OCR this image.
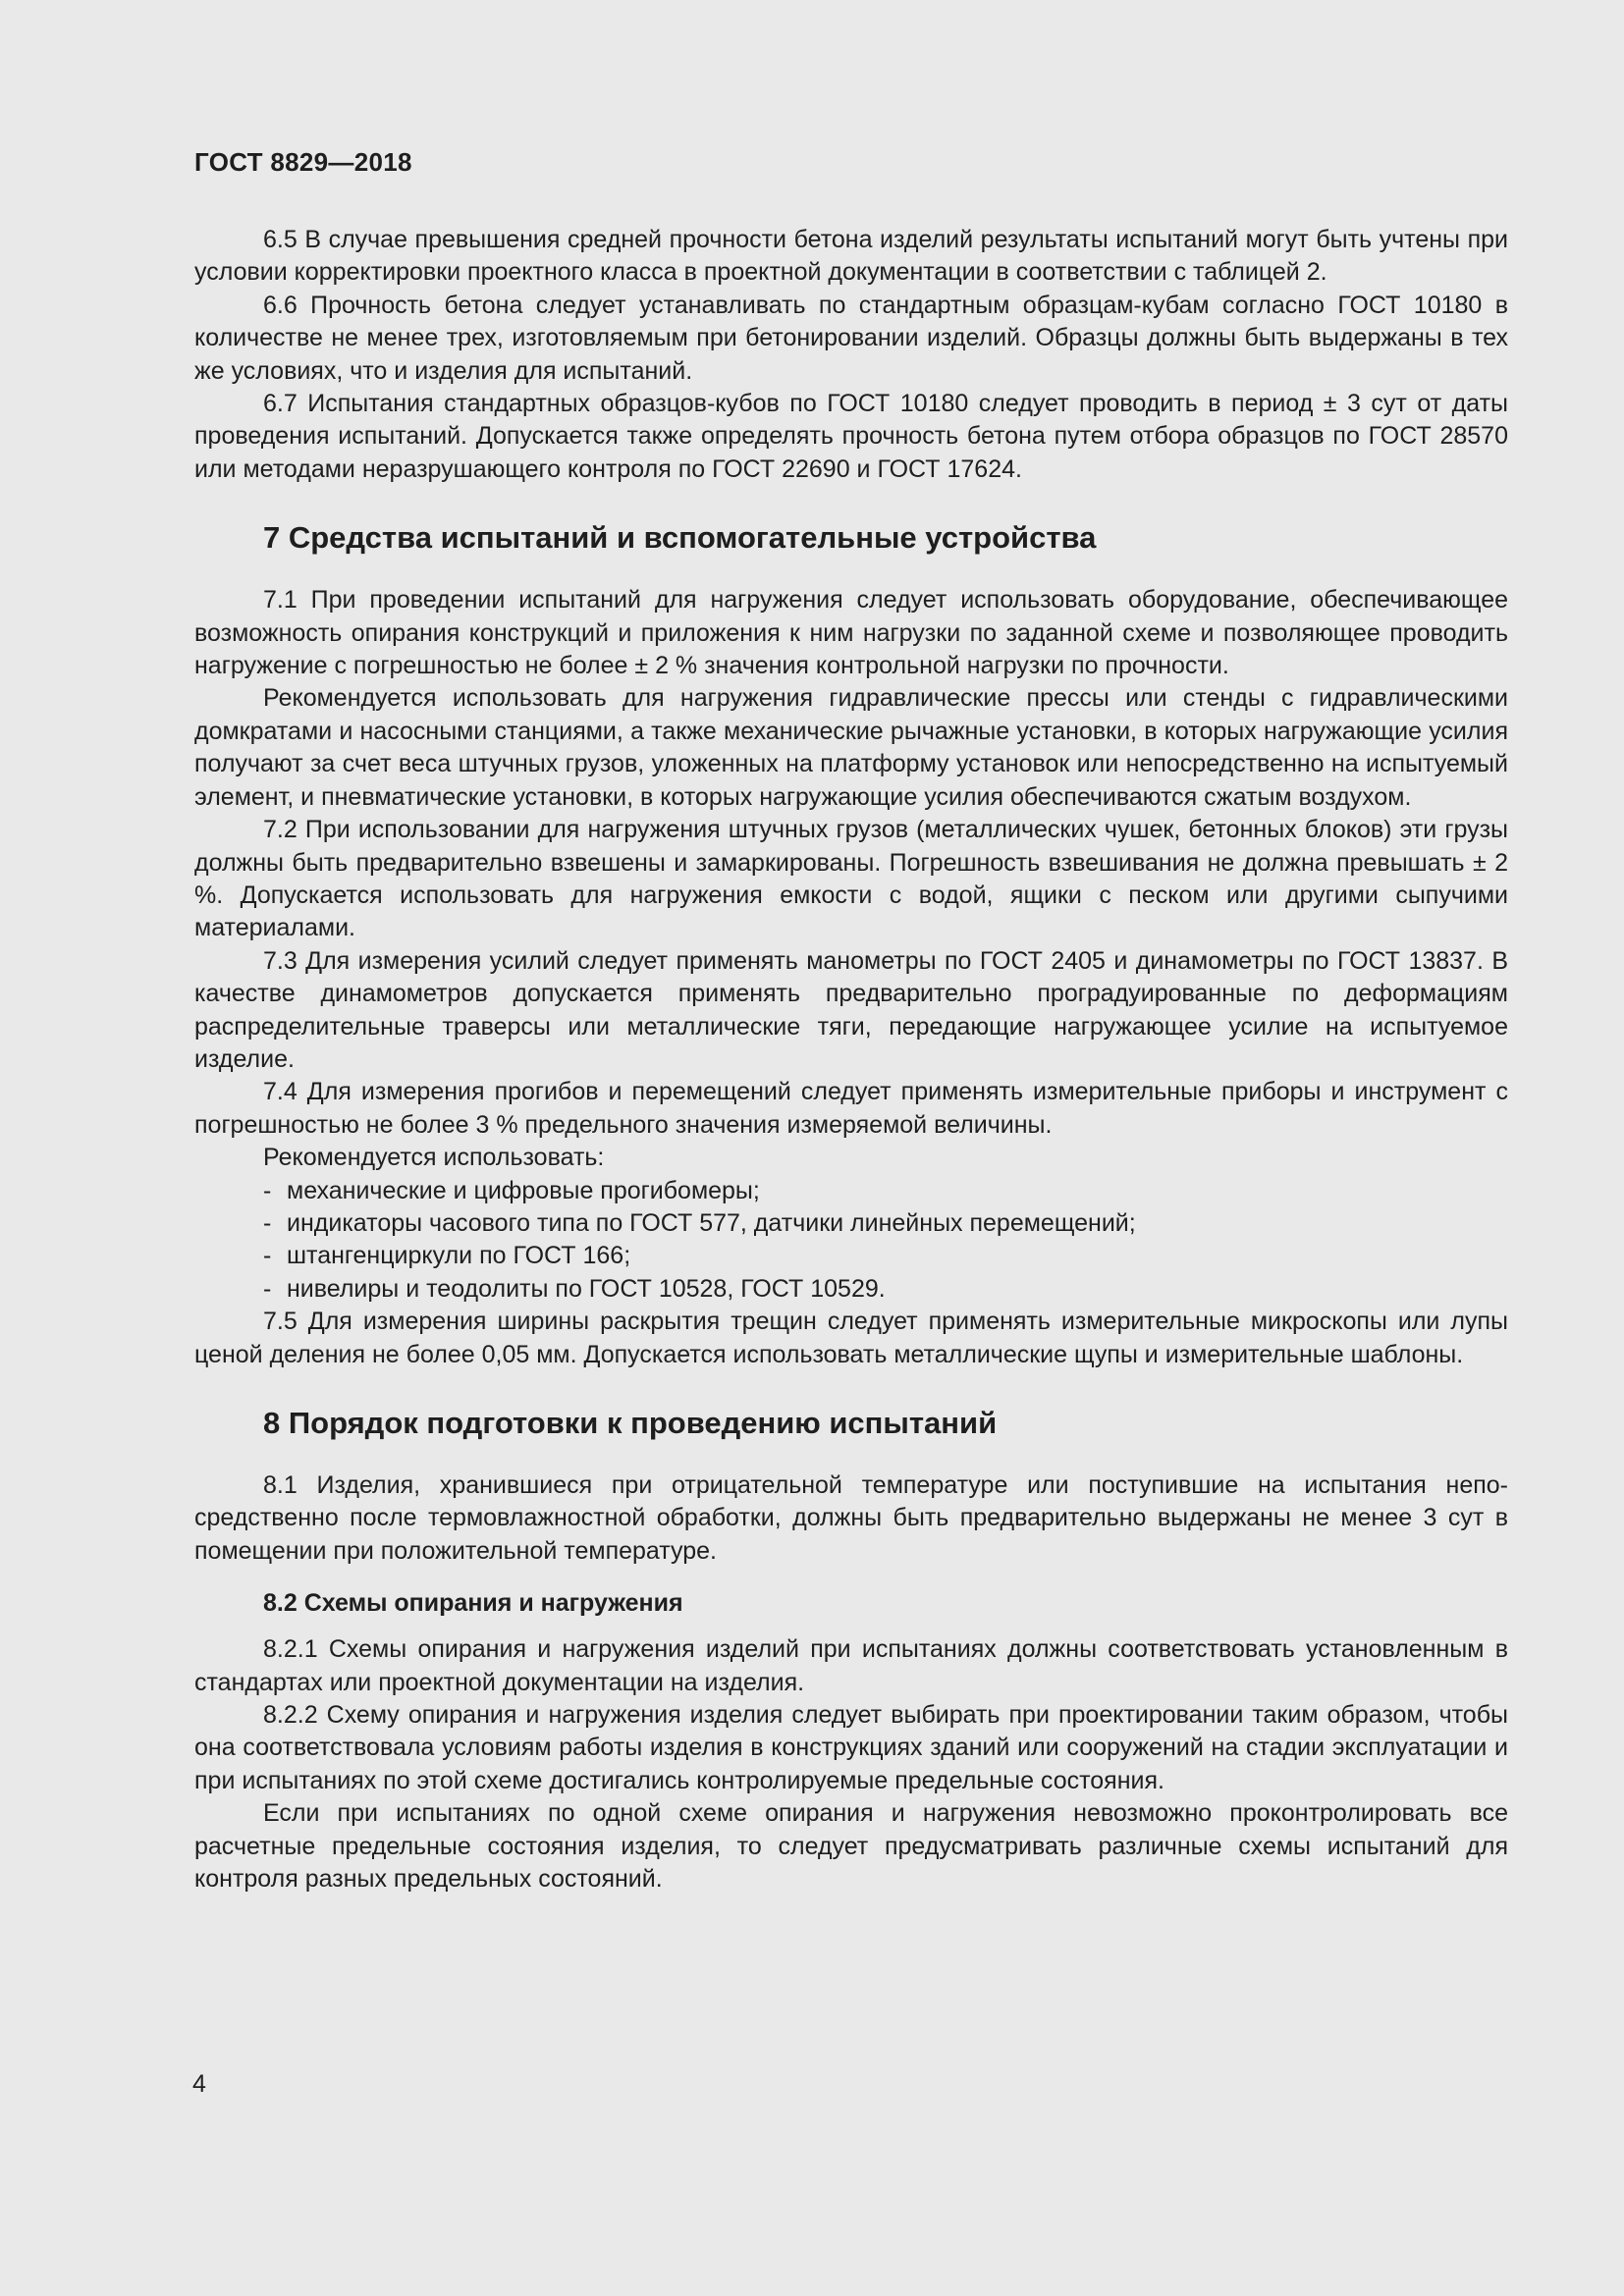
ГОСТ 8829—2018

6.5 В случае превышения средней прочности бетона изделий результаты испытаний могут быть учтены при условии корректировки проектного класса в проектной документации в соответствии с таблицей 2.

6.6 Прочность бетона следует устанавливать по стандартным образцам-кубам согласно ГОСТ 10180 в количестве не менее трех, изготовляемым при бетонировании изделий. Образцы должны быть выдержаны в тех же условиях, что и изделия для испытаний.

6.7 Испытания стандартных образцов-кубов по ГОСТ 10180 следует проводить в период ± 3 сут от даты проведения испытаний. Допускается также определять прочность бетона путем отбора образцов по ГОСТ 28570 или методами неразрушающего контроля по ГОСТ 22690 и ГОСТ 17624.

7 Средства испытаний и вспомогательные устройства

7.1 При проведении испытаний для нагружения следует использовать оборудование, обеспечивающее возможность опирания конструкций и приложения к ним нагрузки по заданной схеме и позволяющее проводить нагружение с погрешностью не более ± 2 % значения контрольной нагрузки по прочности.

Рекомендуется использовать для нагружения гидравлические прессы или стенды с гидравлическими домкратами и насосными станциями, а также механические рычажные установки, в которых нагружающие усилия получают за счет веса штучных грузов, уложенных на платформу установок или непосредственно на испытуемый элемент, и пневматические установки, в которых нагружающие усилия обеспечиваются сжатым воздухом.

7.2 При использовании для нагружения штучных грузов (металлических чушек, бетонных блоков) эти грузы должны быть предварительно взвешены и замаркированы. Погрешность взвешивания не должна превышать ± 2 %. Допускается использовать для нагружения емкости с водой, ящики с песком или другими сыпучими материалами.

7.3 Для измерения усилий следует применять манометры по ГОСТ 2405 и динамометры по ГОСТ 13837. В качестве динамометров допускается применять предварительно проградуированные по деформациям распределительные траверсы или металлические тяги, передающие нагружающее усилие на испытуемое изделие.

7.4 Для измерения прогибов и перемещений следует применять измерительные приборы и инструмент с погрешностью не более 3 % предельного значения измеряемой величины.

Рекомендуется использовать:

- механические и цифровые прогибомеры;
- индикаторы часового типа по ГОСТ 577, датчики линейных перемещений;
- штангенциркули по ГОСТ 166;
- нивелиры и теодолиты по ГОСТ 10528, ГОСТ 10529.

7.5 Для измерения ширины раскрытия трещин следует применять измерительные микроскопы или лупы ценой деления не более 0,05 мм. Допускается использовать металлические щупы и измерительные шаблоны.

8 Порядок подготовки к проведению испытаний

8.1 Изделия, хранившиеся при отрицательной температуре или поступившие на испытания непосредственно после термовлажностной обработки, должны быть предварительно выдержаны не менее 3 сут в помещении при положительной температуре.

8.2 Схемы опирания и нагружения

8.2.1 Схемы опирания и нагружения изделий при испытаниях должны соответствовать установленным в стандартах или проектной документации на изделия.

8.2.2 Схему опирания и нагружения изделия следует выбирать при проектировании таким образом, чтобы она соответствовала условиям работы изделия в конструкциях зданий или сооружений на стадии эксплуатации и при испытаниях по этой схеме достигались контролируемые предельные состояния.

Если при испытаниях по одной схеме опирания и нагружения невозможно проконтролировать все расчетные предельные состояния изделия, то следует предусматривать различные схемы испытаний для контроля разных предельных состояний.

4
